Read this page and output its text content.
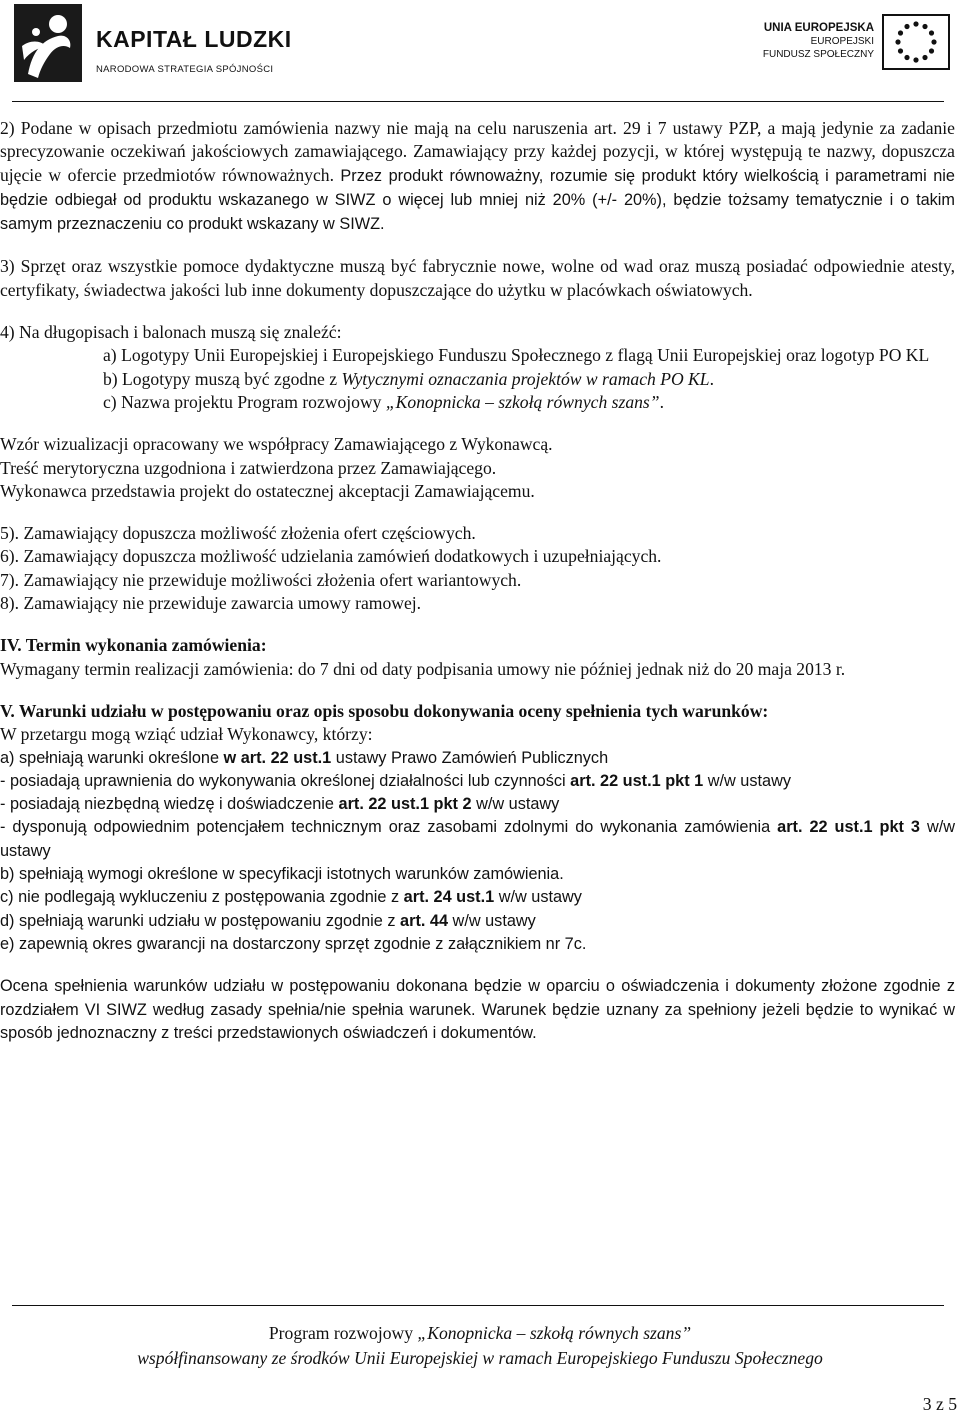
KAPITAŁ LUDZKI
NARODOWA STRATEGIA SPÓJNOŚCI
UNIA EUROPEJSKA
EUROPEJSKI
FUNDUSZ SPOŁECZNY

2) Podane w opisach przedmiotu zamówienia nazwy nie mają na celu naruszenia art. 29 i 7 ustawy PZP, a mają jedynie za zadanie sprecyzowanie oczekiwań jakościowych zamawiającego. Zamawiający przy każdej pozycji, w której występują te nazwy, dopuszcza ujęcie w ofercie przedmiotów równoważnych. Przez produkt równoważny, rozumie się produkt który wielkością i parametrami nie będzie odbiegał od produktu wskazanego w SIWZ o więcej lub mniej niż 20% (+/- 20%), będzie tożsamy tematycznie i o takim samym przeznaczeniu co produkt wskazany w SIWZ.

3) Sprzęt oraz wszystkie pomoce dydaktyczne muszą być fabrycznie nowe, wolne od wad oraz muszą posiadać odpowiednie atesty, certyfikaty, świadectwa jakości lub inne dokumenty dopuszczające do użytku w placówkach oświatowych.

4) Na długopisach i balonach muszą się znaleźć:

a) Logotypy Unii Europejskiej i Europejskiego Funduszu Społecznego z flagą Unii Europejskiej oraz logotyp PO KL

b) Logotypy muszą być zgodne z Wytycznymi oznaczania projektów w ramach PO KL.

c) Nazwa projektu Program rozwojowy „Konopnicka – szkołą równych szans”.

Wzór wizualizacji opracowany we współpracy Zamawiającego z Wykonawcą.

Treść merytoryczna uzgodniona i zatwierdzona przez Zamawiającego.

Wykonawca przedstawia projekt do ostatecznej akceptacji Zamawiającemu.

5). Zamawiający dopuszcza możliwość złożenia ofert częściowych.

6). Zamawiający dopuszcza możliwość udzielania zamówień dodatkowych i uzupełniających.

7). Zamawiający nie przewiduje możliwości złożenia ofert wariantowych.

8). Zamawiający nie przewiduje zawarcia umowy ramowej.

IV. Termin wykonania zamówienia:

Wymagany termin realizacji zamówienia: do 7 dni od daty podpisania umowy nie później jednak niż do 20 maja 2013 r.

V. Warunki udziału w postępowaniu oraz opis sposobu dokonywania oceny spełnienia tych warunków:

W przetargu mogą wziąć udział Wykonawcy, którzy:

a) spełniają warunki określone w art. 22 ust.1 ustawy Prawo Zamówień Publicznych

- posiadają uprawnienia do wykonywania określonej działalności lub czynności art. 22 ust.1 pkt 1 w/w ustawy

- posiadają niezbędną wiedzę i doświadczenie art. 22 ust.1 pkt 2 w/w ustawy

- dysponują odpowiednim potencjałem technicznym oraz zasobami zdolnymi do wykonania zamówienia art. 22 ust.1 pkt 3 w/w ustawy

b) spełniają wymogi określone w specyfikacji istotnych warunków zamówienia.

c) nie podlegają wykluczeniu z postępowania zgodnie z art. 24 ust.1 w/w ustawy

d) spełniają warunki udziału w postępowaniu zgodnie z art. 44 w/w ustawy

e) zapewnią okres gwarancji na dostarczony sprzęt zgodnie z załącznikiem nr 7c.

Ocena spełnienia warunków udziału w postępowaniu dokonana będzie w oparciu o oświadczenia i dokumenty złożone zgodnie z rozdziałem VI SIWZ według zasady spełnia/nie spełnia warunek. Warunek będzie uznany za spełniony jeżeli będzie to wynikać w sposób jednoznaczny z treści przedstawionych oświadczeń i dokumentów.

Program rozwojowy „Konopnicka – szkołą równych szans”
współfinansowany ze środków Unii Europejskiej w ramach Europejskiego Funduszu Społecznego
3 z 5
